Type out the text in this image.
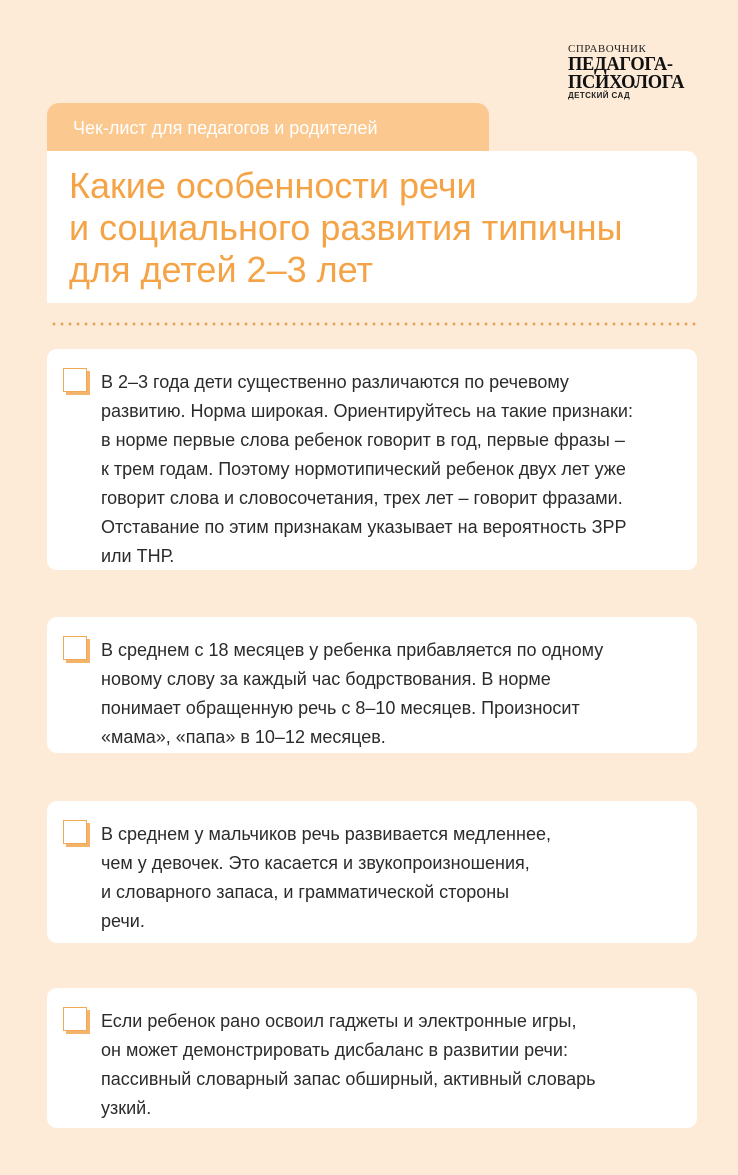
СПРАВОЧНИК
ПЕДАГОГА-
ПСИХОЛОГА
ДЕТСКИЙ САД
Чек-лист для педагогов и родителей
Какие особенности речи
и социального развития типичны
для детей 2–3 лет
В 2–3 года дети существенно различаются по речевому
развитию. Норма широкая. Ориентируйтесь на такие признаки:
в норме первые слова ребенок говорит в год, первые фразы –
к трем годам. Поэтому нормотипический ребенок двух лет уже
говорит слова и словосочетания, трех лет – говорит фразами.
Отставание по этим признакам указывает на вероятность ЗРР
или ТНР.
В среднем с 18 месяцев у ребенка прибавляется по одному
новому слову за каждый час бодрствования. В норме
понимает обращенную речь с 8–10 месяцев. Произносит
«мама», «папа» в 10–12 месяцев.
В среднем у мальчиков речь развивается медленнее,
чем у девочек. Это касается и звукопроизношения,
и словарного запаса, и грамматической стороны
речи.
Если ребенок рано освоил гаджеты и электронные игры,
он может демонстрировать дисбаланс в развитии речи:
пассивный словарный запас обширный, активный словарь
узкий.
